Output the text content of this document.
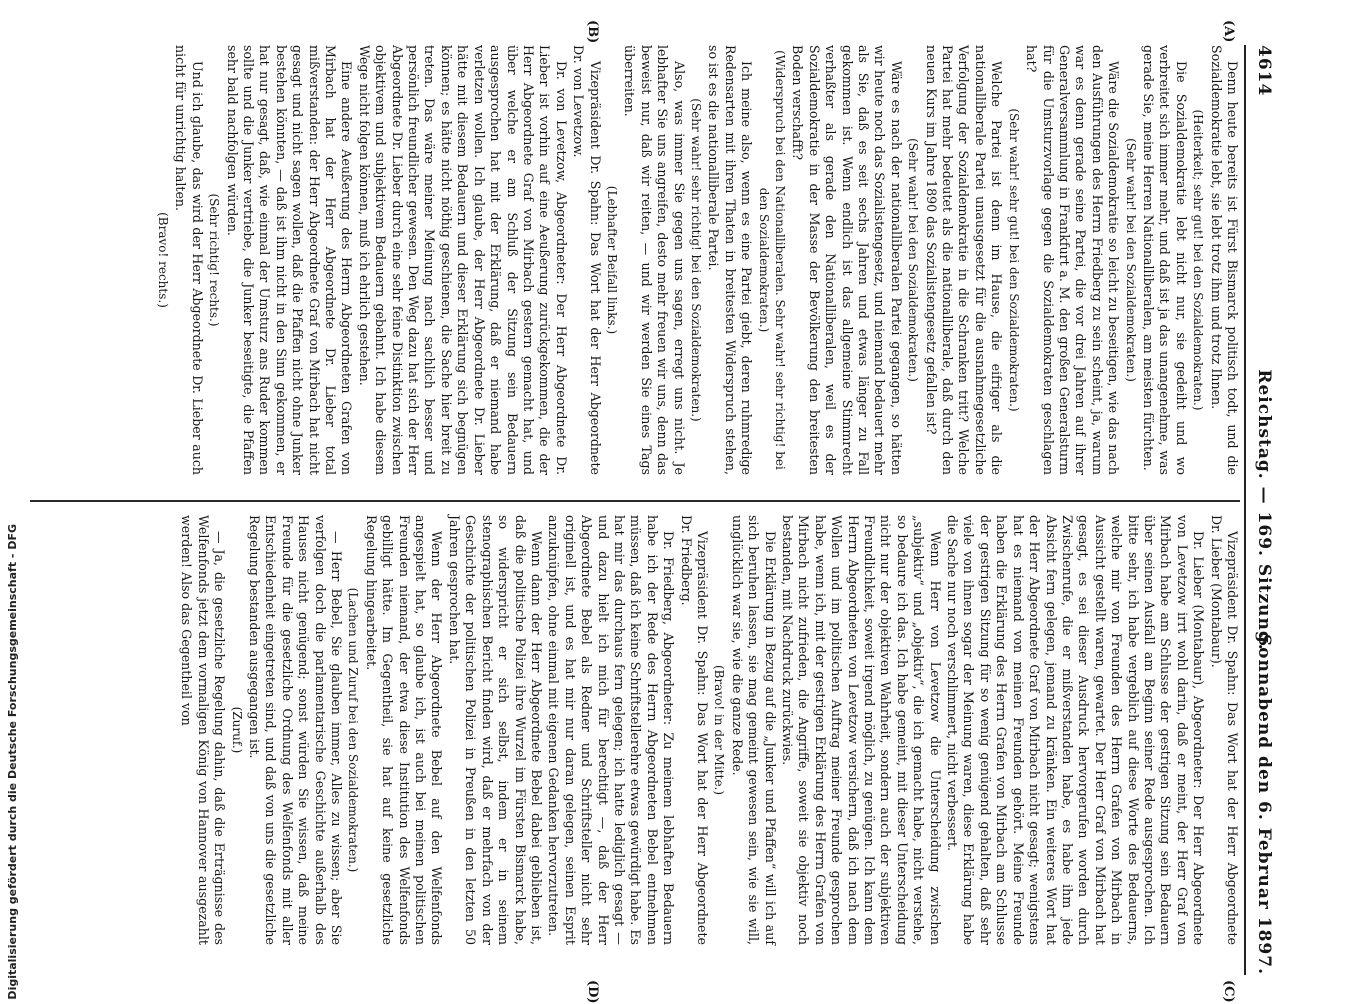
4614
Reichstag. — 169. Sitzung.
Sonnabend den 6. Februar 1897.
(A)
(B)
(C)
(D)

Denn heute bereits ist Fürst Bismarck politisch todt, und die Sozialdemokratie lebt, sie lebt trotz ihm und trotz Ihnen.

(Heiterkeit; sehr gut! bei den Sozialdemokraten.)

Die Sozialdemokratie lebt nicht nur, sie gedeiht und wo verbreitet sich immer mehr, und daß ist ja das unangenehme, was gerade Sie, meine Herren Nationalliberalen, am meisten fürchten.

(Sehr wahr! bei den Sozialdemokraten.)

Wäre die Sozialdemokratie so leicht zu beseitigen, wie das nach den Ausführungen des Herrn Friedberg zu sein scheint, ja, warum war es denn gerade seine Partei, die vor drei Jahren auf ihrer Generalversammlung in Frankfurt a. M. den großen Generalsturm für die Umsturzvorlage gegen die Sozialdemokraten geschlagen hat?

(Sehr wahr! sehr gut! bei den Sozialdemokraten.)

Welche Partei ist denn im Hause, die eifriger als die nationalliberale Partei unausgesetzt für die ausnahmegesetzliche Verfolgung der Sozialdemokratie in die Schranken tritt? Welche Partei hat mehr bedeutet als die nationalliberale, daß durch den neuen Kurs im Jahre 1890 das Sozialistengesetz gefallen ist?

(Sehr wahr! bei den Sozialdemokraten.)

Wäre es nach der nationalliberalen Partei gegangen, so hätten wir heute noch das Sozialistengesetz, und niemand bedauert mehr als Sie, daß es seit sechs Jahren und etwas länger zu Fall gekommen ist. Wenn endlich ist das allgemeine Stimmrecht verhaßter als gerade den Nationalliberalen, weil es der Sozialdemokratie in der Masse der Bevölkerung den breitesten Boden verschafft?

(Widerspruch bei den Nationalliberalen. Sehr wahr! sehr richtig! bei den Sozialdemokraten.)

Ich meine also, wenn es eine Partei giebt, deren ruhmredige Redensarten mit ihren Thaten in breitesten Widerspruch stehen, so ist es die nationalliberale Partei.

(Sehr wahr! sehr richtig! bei den Sozialdemokraten.)

Also, was immer Sie gegen uns sagen, erregt uns nicht. Je lebhafter Sie uns angreifen, desto mehr freuen wir uns, denn das beweist nur, daß wir reiten, — und wir werden Sie eines Tags überreiten.

(Lebhafter Beifall links.)

Vizepräsident Dr. Spahn: Das Wort hat der Herr Abgeordnete Dr. von Levetzow.

Dr. von Levetzow, Abgeordneter: Der Herr Abgeordnete Dr. Lieber ist vorhin auf eine Aeußerung zurückgekommen, die der Herr Abgeordnete Graf von Mirbach gestern gemacht hat, und über welche er am Schluß der Sitzung sein Bedauern ausgesprochen hat mit der Erklärung, daß er niemand habe verletzen wollen. Ich glaube, der Herr Abgeordnete Dr. Lieber hätte mit diesem Bedauern und dieser Erklärung sich begnügen können; es hätte nicht nöthig geschienen, die Sache hier breit zu treten. Das wäre meiner Meinung nach sachlich besser und persönlich freundlicher gewesen. Den Weg dazu hat sich der Herr Abgeordnete Dr. Lieber durch eine sehr feine Distinktion zwischen objektivem und subjektivem Bedauern gebahnt. Ich habe diesem Wege nicht folgen können, muß ich ehrlich gestehen.

Eine andere Aeußerung des Herrn Abgeordneten Grafen von Mirbach hat der Herr Abgeordnete Dr. Lieber total mißverstanden: der Herr Abgeordnete Graf von Mirbach hat nicht gesagt und nicht sagen wollen, daß die Pfaffen nicht ohne Junker bestehen könnten, — daß ist ihm nicht in den Sinn gekommen, er hat nur gesagt, daß, wie einmal der Umsturz ans Ruder kommen sollte und die Junker vertriebe, die Junker beseitigte, die Pfaffen sehr bald nachfolgen würden.

(Sehr richtig! rechts.)

Und ich glaube, das wird der Herr Abgeordnete Dr. Lieber auch nicht für unrichtig halten.

(Bravo! rechts.)

Vizepräsident Dr. Spahn: Das Wort hat der Herr Abgeordnete Dr. Lieber (Montabaur).

Dr. Lieber (Montabaur), Abgeordneter: Der Herr Abgeordnete von Levetzow irrt wohl darin, daß er meint, der Herr Graf von Mirbach habe am Schlusse der gestrigen Sitzung sein Bedauern über seinen Ausfall am Beginn seiner Rede ausgesprochen. Ich bitte sehr, ich habe vergeblich auf diese Worte des Bedauerns, welche mir von Freunden des Herrn Grafen von Mirbach in Aussicht gestellt waren, gewartet. Der Herr Graf von Mirbach hat gesagt, es sei dieser Ausdruck hervorgerufen worden durch Zwischenrufe, die er mißverstanden habe, es habe ihm jede Absicht fern gelegen, jemand zu kränken. Ein weiteres Wort hat der Herr Abgeordnete Graf von Mirbach nicht gesagt; wenigstens hat es niemand von meinen Freunden gehört. Meine Freunde haben die Erklärung des Herrn Grafen von Mirbach am Schlusse der gestrigen Sitzung für so wenig genügend gehalten, daß sehr viele von ihnen sogar der Meinung waren, diese Erklärung habe die Sache nur noch verschlimmert, nicht verbessert.

Wenn Herr von Levetzow die Unterscheidung zwischen „subjektiv“ und „objektiv“, die ich gemacht habe, nicht verstehe, so bedaure ich das. Ich habe gemeint, mit dieser Unterscheidung nicht nur der objektiven Wahrheit, sondern auch der subjektiven Freundlichkeit, soweit irgend möglich, zu genügen. Ich kann dem Herrn Abgeordneten von Levetzow versichern, daß ich nach dem Wollen und im politischen Auftrag meiner Freunde gesprochen habe, wenn ich, mit der gestrigen Erklärung des Herrn Grafen von Mirbach nicht zufrieden, die Angriffe, soweit sie objektiv noch bestanden, mit Nachdruck zurückwies.

Die Erklärung in Bezug auf die „Junker und Pfaffen“ will ich auf sich beruhen lassen, sie mag gemeint gewesen sein, wie sie will, unglücklich war sie, wie die ganze Rede.

(Bravo! in der Mitte.)

Vizepräsident Dr. Spahn: Das Wort hat der Herr Abgeordnete Dr. Friedberg.

Dr. Friedberg, Abgeordneter: Zu meinem lebhaften Bedauern habe ich der Rede des Herrn Abgeordneten Bebel entnehmen müssen, daß ich keine Schriftstellerehre etwas gewürdigt habe. Es hat mir das durchaus fern gelegen; ich hatte lediglich gesagt — und dazu hielt ich mich für berechtigt —, daß der Herr Abgeordnete Bebel als Redner und Schriftsteller nicht sehr originell ist, und es hat mir nur daran gelegen, seinen Esprit anzuknüpfen, ohne einmal mit eigenen Gedanken hervorzutreten.

Wenn dann der Herr Abgeordnete Bebel dabei geblieben ist, daß die politische Polizei ihre Wurzel im Fürsten Bismarck habe, so widerspricht er sich selbst, indem er in seinem stenographischen Bericht finden wird, daß er mehrfach von der Geschichte der politischen Polizei in Preußen in den letzten 50 Jahren gesprochen hat.

Wenn der Herr Abgeordnete Bebel auf den Welfenfonds angespielt hat, so glaube ich, ist auch bei meinen politischen Freunden niemand, der etwa diese Institution des Welfenfonds gebilligt hätte. Im Gegentheil, sie hat auf keine gesetzliche Regelung hingearbeitet.

(Lachen und Zuruf bei den Sozialdemokraten.)

— Herr Bebel, Sie glauben immer, Alles zu wissen; aber Sie verfolgen doch die parlamentarische Geschichte außerhalb des Hauses nicht genügend; sonst würden Sie wissen, daß meine Freunde für die gesetzliche Ordnung des Welfenfonds mit aller Entschiedenheit eingetreten sind, und daß von uns die gesetzliche Regelung bestanden ausgegangen ist.

(Zuruf.)

— Ja, die gesetzliche Regelung dahin, daß die Erträgnisse des Welfenfonds jetzt dem vormaligen König von Hannover ausgezahlt werden! Also das Gegentheil von

Digitalisierung gefördert durch die Deutsche Forschungsgemeinschaft - DFG
